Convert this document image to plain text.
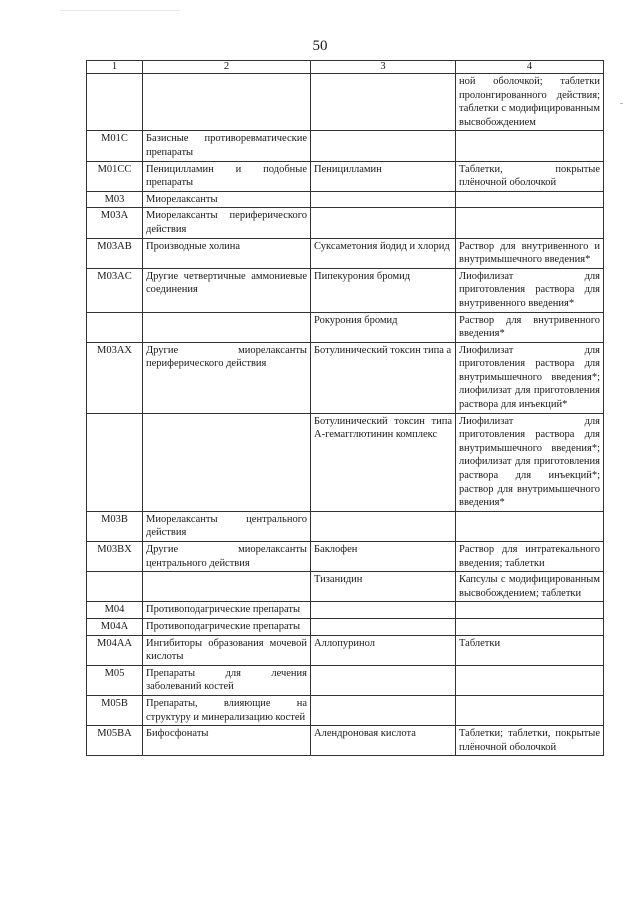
50
1	2	3	4
			ной оболочкой; таблетки пролонгированного действия; таблетки с модифицированным высвобождением
M01C	Базисные противоревматические препараты		
M01CC	Пеницилламин и подобные препараты	Пеницилламин	Таблетки, покрытые плёночной оболочкой
M03	Миорелаксанты		
M03A	Миорелаксанты периферического действия		
M03AB	Производные холина	Суксаметония йодид и хлорид	Раствор для внутривенного и внутримышечного введения*
M03AC	Другие четвертичные аммониевые соединения	Пипекурония бромид	Лиофилизат для приготовления раствора для внутривенного введения*
		Рокурония бромид	Раствор для внутривенного введения*
M03AX	Другие миорелаксанты периферического действия	Ботулинический токсин типа а	Лиофилизат для приготовления раствора для внутримышечного введения*; лиофилизат для приготовления раствора для инъекций*
		Ботулинический токсин типа А-гемагглютинин комплекс	Лиофилизат для приготовления раствора для внутримышечного введения*; лиофилизат для приготовления раствора для инъекций*; раствор для внутримышечного введения*
M03B	Миорелаксанты центрального действия		
M03BX	Другие миорелаксанты центрального действия	Баклофен	Раствор для интратекального введения; таблетки
		Тизанидин	Капсулы с модифицированным высвобождением; таблетки
M04	Противоподагрические препараты		
M04A	Противоподагрические препараты		
M04AA	Ингибиторы образования мочевой кислоты	Аллопуринол	Таблетки
M05	Препараты для лечения заболеваний костей		
M05B	Препараты, влияющие на структуру и минерализацию костей		
M05BA	Бифосфонаты	Алендроновая кислота	Таблетки; таблетки, покрытые плёночной оболочкой
